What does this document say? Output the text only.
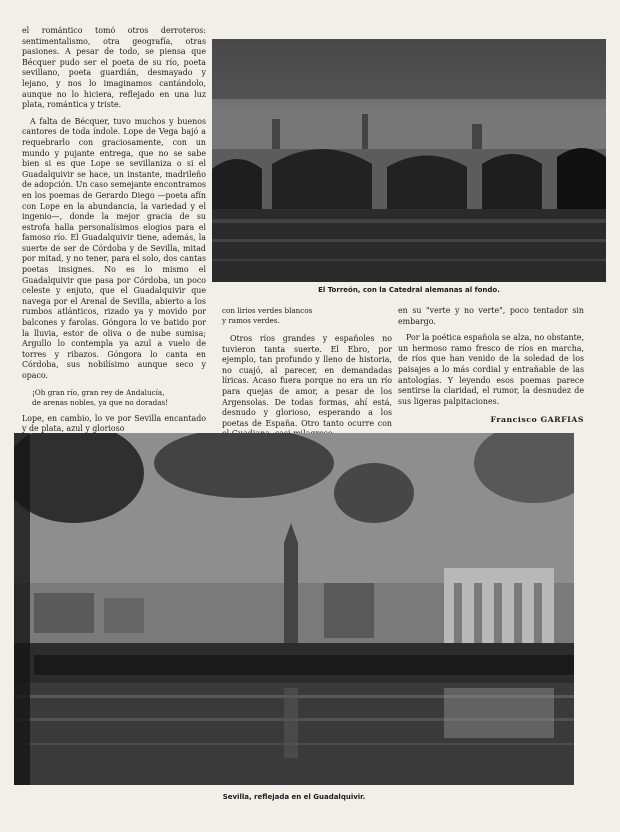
el romántico tomó otros derroteros: sentimentalismo, otra geografía, otras pasiones. A pesar de todo, se piensa que Bécquer pudo ser el poeta de su río, poeta sevillano, poeta guardián, desmayado y lejano, y nos lo imaginamos cantándolo, aunque no lo hiciera, reflejado en una luz plata, romántica y triste.

A falta de Bécquer, tuvo muchos y buenos cantores de toda índole. Lope de Vega bajó a requebrarlo con graciosamente, con un mundo y pujante entrega, que no se sabe bien si es que Lope se sevillaniza o si el Guadalquivir se hace, un instante, madrileño de adopción. Un caso semejante encontramos en los poemas de Gerardo Diego —poeta afín con Lope en la abundancia, la variedad y el ingenio—, donde la mejor gracia de su estrofa halla personalísimos elogios para el famoso río. El Guadalquivir tiene, además, la suerte de ser de Córdoba y de Sevilla, mitad por mitad, y no tener, para el solo, dos cantas poetas insignes. No es lo mismo el Guadalquivir que pasa por Córdoba, un poco celeste y enjuto, que el Guadalquivir que navega por el Arenal de Sevilla, abierto a los rumbos atlánticos, rizado ya y movido por balcones y farolas. Góngora lo ve batido por la lluvia, estor de oliva o de nube sumisa; Argullo lo contempla ya azul a vuelo de torres y ribazos. Góngora lo canta en Córdoba, sus nobilísimo aunque seco y opaco.

¡Oh gran río, gran rey de Andalucía,
de arenas nobles, ya que no doradas!

Lope, en cambio, lo ve por Sevilla encantado y de plata, azul y glorioso

El Torreón, con la Catedral alemanas al fondo.
con lirios verdes blancos
y ramos verdes.

Otros ríos grandes y españoles no tuvieron tanta suerte. El Ebro, por ejemplo, tan profundo y lleno de historia, no cuajó, al parecer, en demandadas líricas. Acaso fuera porque no era un río para quejas de amor, a pesar de los Argensolas. De todas formas, ahí está, desnudo y glorioso, esperando a los poetas de España. Otro tanto ocurre con

en su "verte y no verte", poco tentador sin embargo.

Por la poética española se alza, no obstante, un hermoso ramo fresco de ríos en marcha, de ríos que han venido de la soledad de los paisajes a lo más cordial y entrañable de las antologías. Y leyendo esos poemas parece sentirse la claridad, el rumor, la desnudez de sus ligeras palpitaciones.

Francisco GARFIAS
Sevilla, reflejada en el Guadalquivir.
